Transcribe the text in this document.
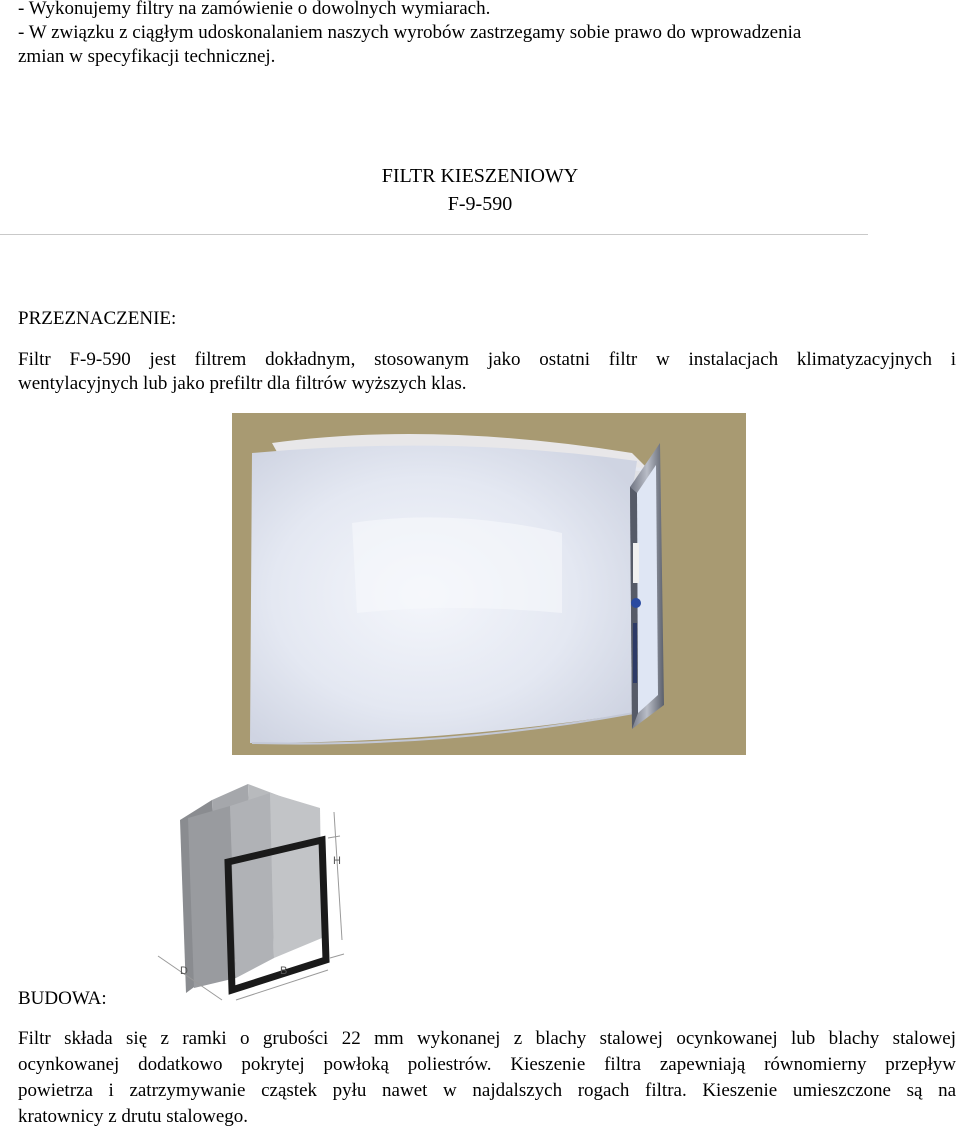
- Wykonujemy filtry na zamówienie o dowolnych wymiarach.
- W związku z ciągłym udoskonalaniem naszych wyrobów zastrzegamy sobie prawo do wprowadzenia
zmian w specyfikacji technicznej.
FILTR KIESZENIOWY
F-9-590
PRZEZNACZENIE:
Filtr F-9-590 jest filtrem dokładnym, stosowanym jako ostatni filtr w instalacjach klimatyzacyjnych i
wentylacyjnych lub jako prefiltr dla filtrów wyższych klas.
H
B
D
BUDOWA:
Filtr składa się z ramki o grubości 22 mm wykonanej z blachy stalowej ocynkowanej lub blachy stalowej
ocynkowanej dodatkowo pokrytej powłoką poliestrów. Kieszenie filtra zapewniają równomierny przepływ
powietrza i zatrzymywanie cząstek pyłu nawet w najdalszych rogach filtra. Kieszenie umieszczone są na
kratownicy z drutu stalowego.
